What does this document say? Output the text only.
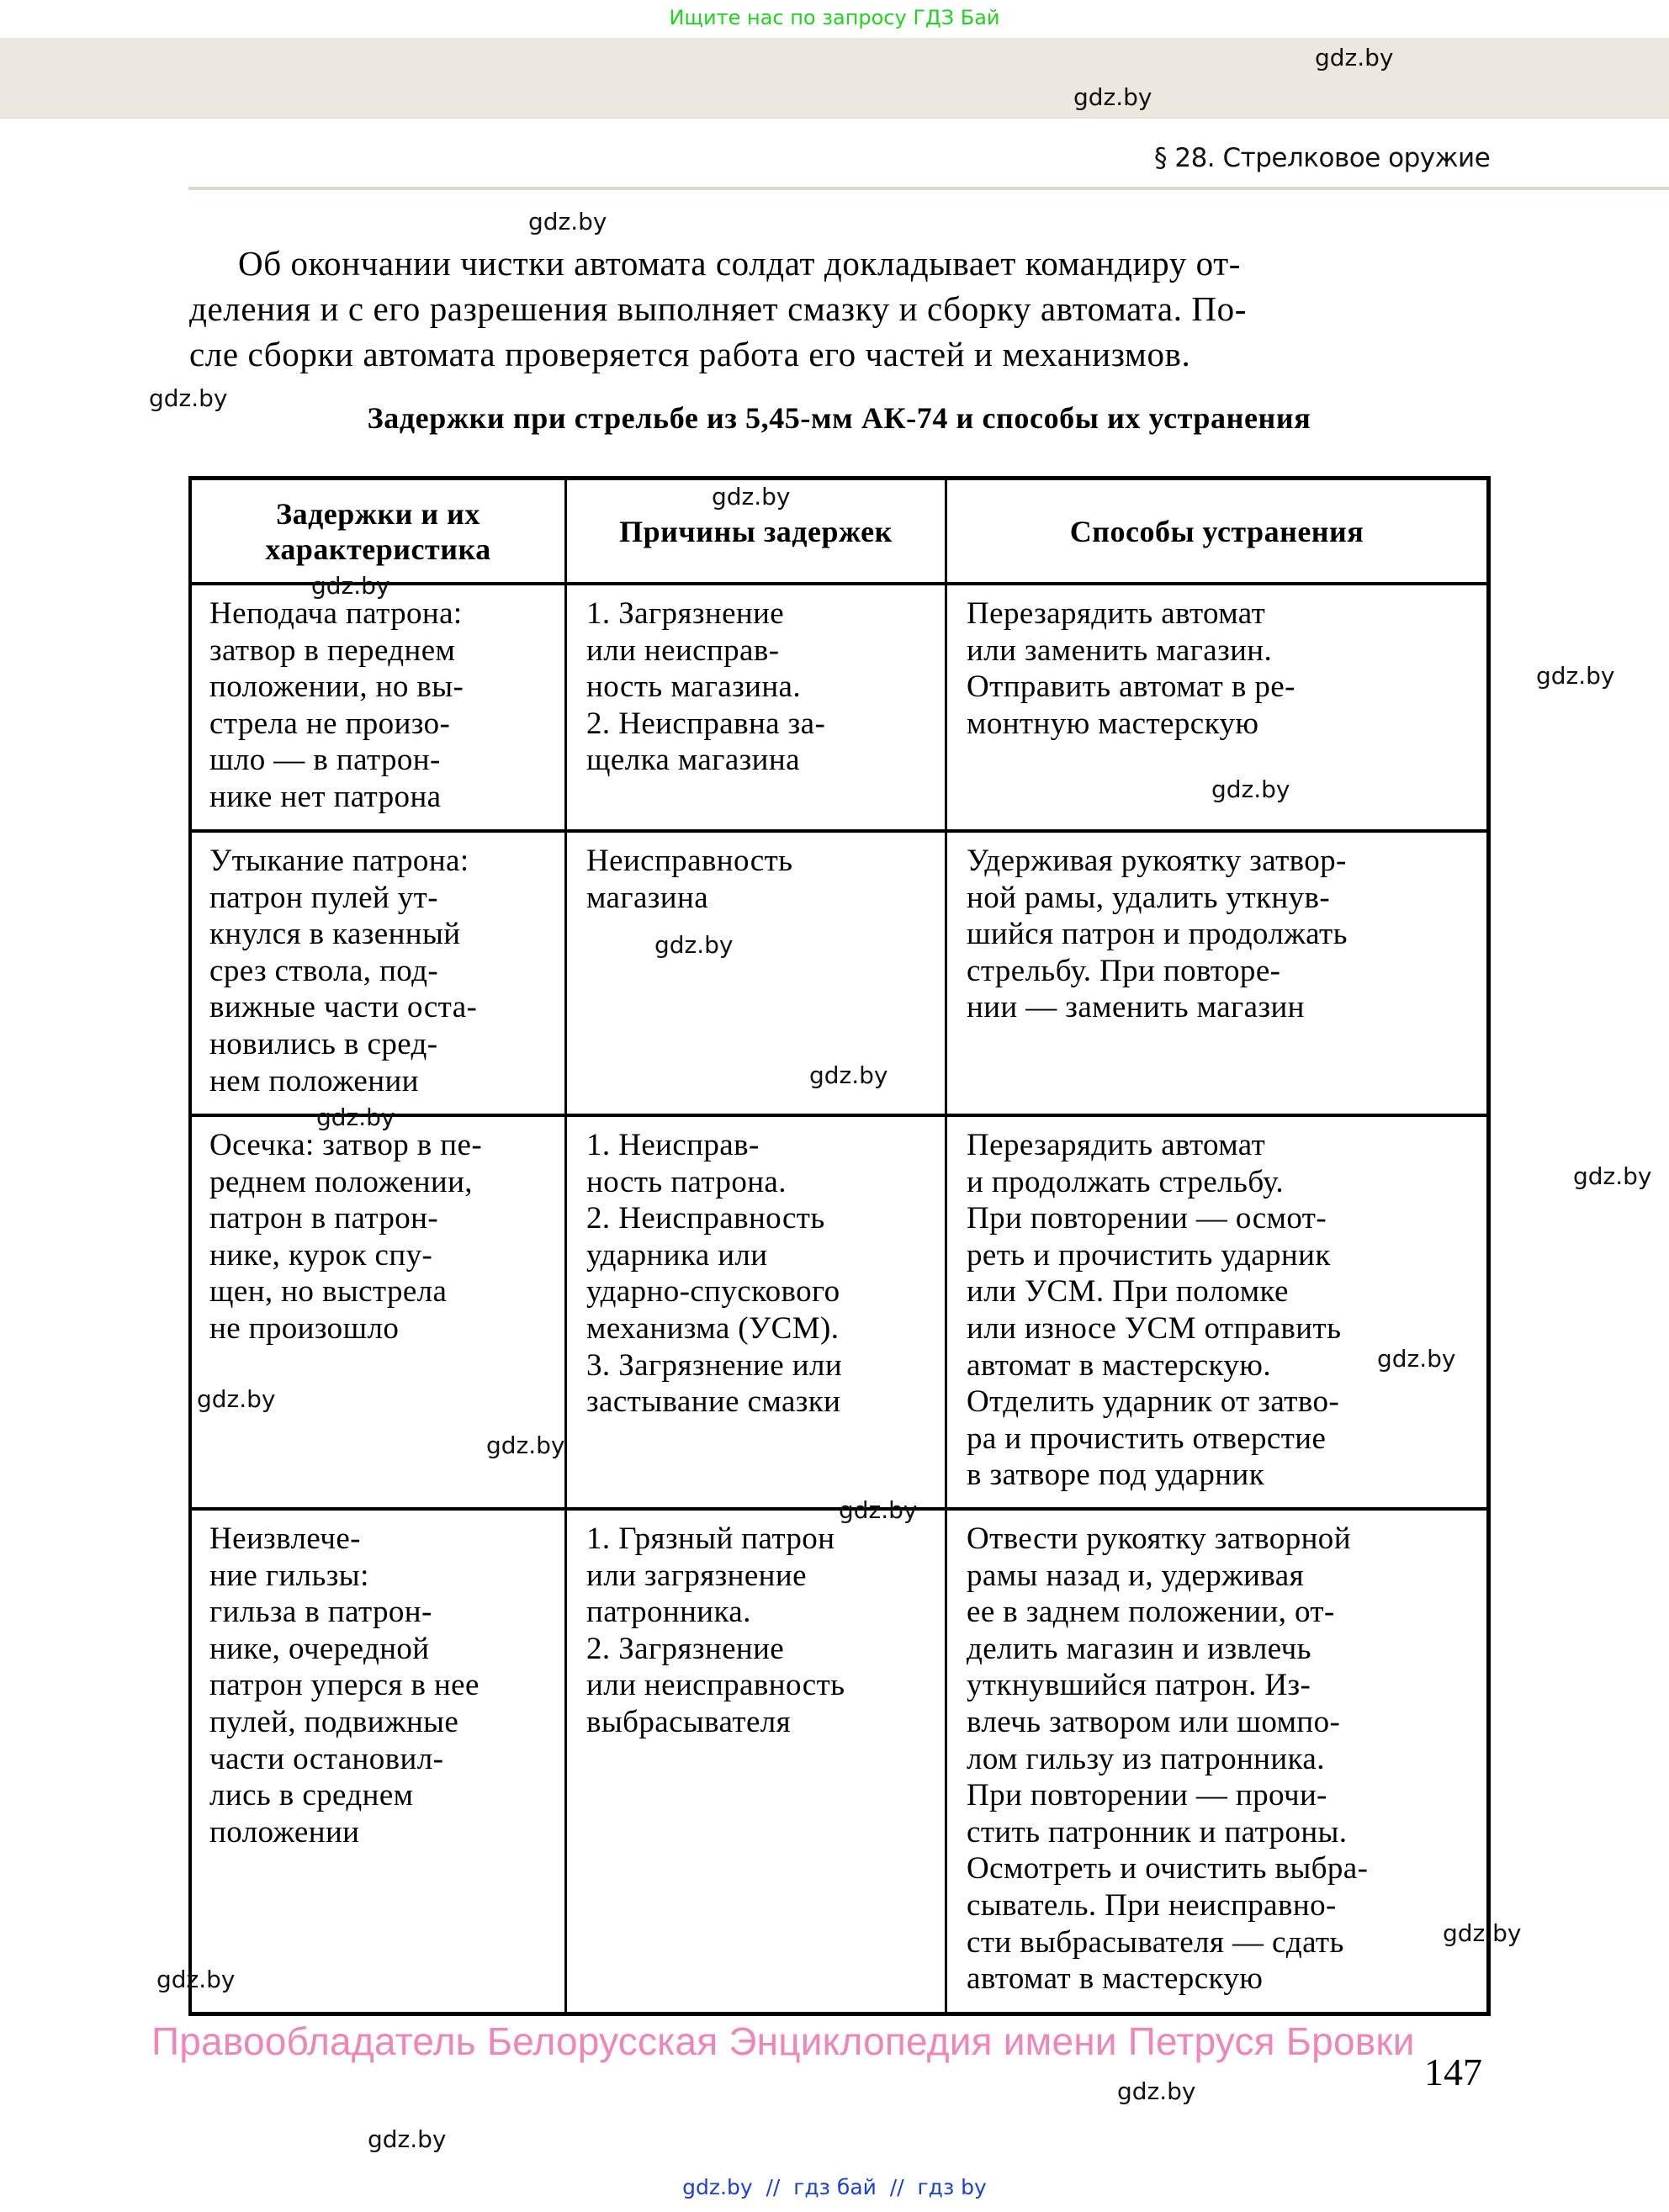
Ищите нас по запросу ГДЗ Бай
§ 28. Стрелковое оружие
Об окончании чистки автомата солдат докладывает командиру от-
деления и с его разрешения выполняет смазку и сборку автомата. По-
сле сборки автомата проверяется работа его частей и механизмов.
Задержки при стрельбе из 5,45-мм АК-74 и способы их устранения
Задержки и их
характеристика
Причины задержек	Способы устранения
Неподача патрона:
затвор в переднем
положении, но вы-
стрела не произо-
шло — в патрон-
нике нет патрона
1. Загрязнение
или неисправ-
ность магазина.
2. Неисправна за-
щелка магазина
Перезарядить автомат
или заменить магазин.
Отправить автомат в ре-
монтную мастерскую
Утыкание патрона:
патрон пулей ут-
кнулся в казенный
срез ствола, под-
вижные части оста-
новились в сред-
нем положении
Неисправность
магазина
Удерживая рукоятку затвор-
ной рамы, удалить уткнув-
шийся патрон и продолжать
стрельбу. При повторе-
нии — заменить магазин
Осечка: затвор в пе-
реднем положении,
патрон в патрон-
нике, курок спу-
щен, но выстрела
не произошло
1. Неисправ-
ность патрона.
2. Неисправность
ударника или
ударно-спускового
механизма (УСМ).
3. Загрязнение или
застывание смазки
Перезарядить автомат
и продолжать стрельбу.
При повторении — осмот-
реть и прочистить ударник
или УСМ. При поломке
или износе УСМ отправить
автомат в мастерскую.
Отделить ударник от затво-
ра и прочистить отверстие
в затворе под ударник
Неизвлече-
ние гильзы:
гильза в патрон-
нике, очередной
патрон уперся в нее
пулей, подвижные
части остановил-
лись в среднем
положении
1. Грязный патрон
или загрязнение
патронника.
2. Загрязнение
или неисправность
выбрасывателя
Отвести рукоятку затворной
рамы назад и, удерживая
ее в заднем положении, от-
делить магазин и извлечь
уткнувшийся патрон. Из-
влечь затвором или шомпо-
лом гильзу из патронника.
При повторении — прочи-
стить патронник и патроны.
Осмотреть и очистить выбра-
сыватель. При неисправно-
сти выбрасывателя — сдать
автомат в мастерскую
Правообладатель Белорусская Энциклопедия имени Петруся Бровки
147
gdz.by  //  гдз бай  //  гдз by
gdz.by
gdz.by
gdz.by
gdz.by
gdz.by
gdz.by
gdz.by
gdz.by
gdz.by
gdz.by
gdz.by
gdz.by
gdz.by
gdz.by
gdz.by
gdz.by
gdz.by
gdz.by
gdz.by
gdz.by
